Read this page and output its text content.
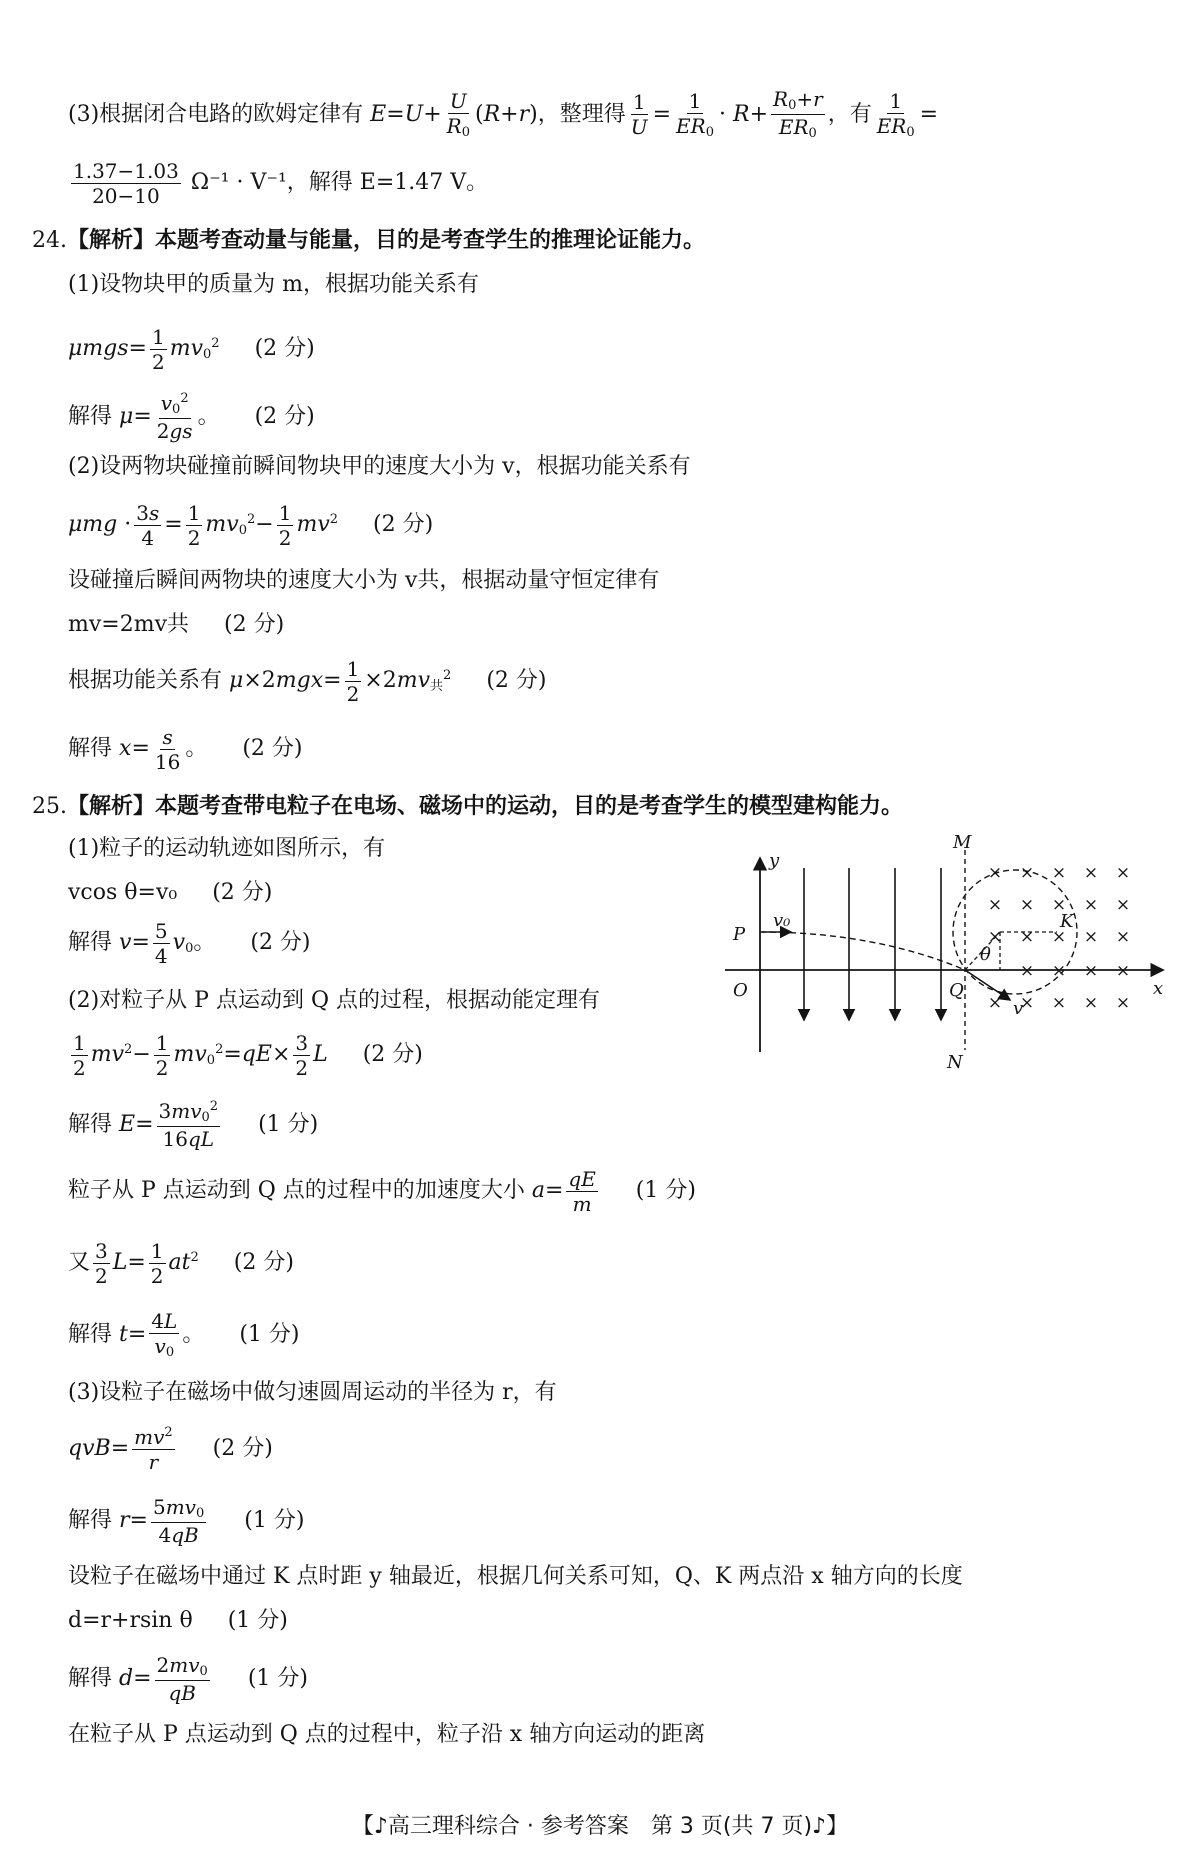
(3)根据闭合电路的欧姆定律有 $E=U+ \frac{U}{R_0} (R+r)$，整理得 $\frac{1}{U} = \frac{1}{ER_0} \cdot R+ \frac{R_0+r}{ER_0}$ ，有 $\frac{1}{ER_0}$ =
$\frac{1.37-1.03}{20-10} \Omega^{-1} \cdot V^{-1}$，解得 E=1.47 V。
24.【解析】本题考查动量与能量，目的是考查学生的推理论证能力。
(1)设物块甲的质量为 m，根据功能关系有
$\mu mgs= \frac{1}{2} mv_0^2$ (2 分)
解得 $\mu= \frac{v_0^2}{2gs}$ 。 (2 分)
(2)设两物块碰撞前瞬间物块甲的速度大小为 v，根据功能关系有
$\mu mg \cdot \frac{3s}{4} = \frac{1}{2} mv_0^2- \frac{1}{2} mv^2$ (2 分)
设碰撞后瞬间两物块的速度大小为 v共，根据动量守恒定律有
mv=2mv共 (2 分)
根据功能关系有 $\mu\times 2mgx= \frac{1}{2} \times 2mv_共^2$ (2 分)
解得 $x= \frac{s}{16}$ 。 (2 分)
25.【解析】本题考查带电粒子在电场、磁场中的运动，目的是考查学生的模型建构能力。
(1)粒子的运动轨迹如图所示，有
vcos θ=v₀ (2 分)
解得 $v= \frac{5}{4} v_0$。 (2 分)
(2)对粒子从 P 点运动到 Q 点的过程，根据动能定理有
$\frac{1}{2} mv^2- \frac{1}{2} mv_0^2=qE\times \frac{3}{2}$ L (2 分)
解得 $E= \frac{3mv_0^2}{16qL} (1$ 分)
粒子从 P 点运动到 Q 点的过程中的加速度大小 $a= \frac{qE}{m} (1$ 分)
又 $\frac{3}{2} L= \frac{1}{2} at^2$ (2 分)
解得 $t= \frac{4L}{v_0}$ 。 (1 分)
(3)设粒子在磁场中做匀速圆周运动的半径为 r，有
$qvB= \frac{mv^2}{r} (2$ 分)
解得 $r= \frac{5mv_0}{4qB} (1$ 分)
设粒子在磁场中通过 K 点时距 y 轴最近，根据几何关系可知，Q、K 两点沿 x 轴方向的长度
d=r+rsin θ (1 分)
解得 $d= \frac{2mv_0}{qB} (1$ 分)
在粒子从 P 点运动到 Q 点的过程中，粒子沿 x 轴方向运动的距离
× × × × ×
× × × × ×
× × × × ×
× × × ×
× × × × ×
M
N
y
x
O
P
Q
K
v₀
v
θ
【♪高三理科综合 · 参考答案　第 3 页(共 7 页)♪】
